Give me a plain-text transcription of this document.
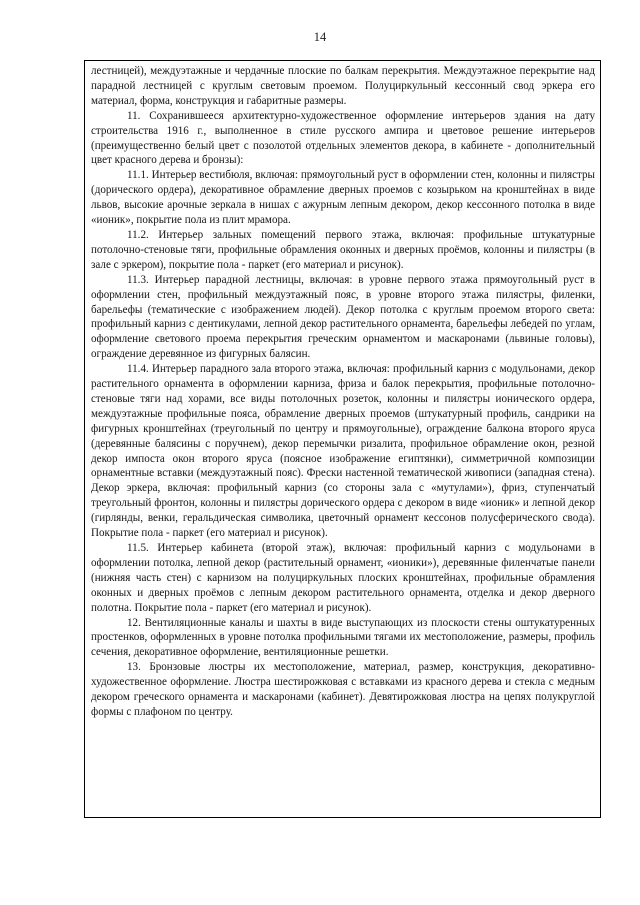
14

лестницей), междуэтажные и чердачные плоские по балкам перекрытия. Междуэтажное перекрытие над парадной лестницей с круглым световым проемом. Полуциркульный кессонный свод эркера его материал, форма, конструкция и габаритные размеры.

11. Сохранившееся архитектурно-художественное оформление интерьеров здания на дату строительства 1916 г., выполненное в стиле русского ампира и цветовое решение интерьеров (преимущественно белый цвет с позолотой отдельных элементов декора, в кабинете - дополнительный цвет красного дерева и бронзы):

11.1. Интерьер вестибюля, включая: прямоугольный руст в оформлении стен, колонны и пилястры (дорического ордера), декоративное обрамление дверных проемов с козырьком на кронштейнах в виде львов, высокие арочные зеркала в нишах с ажурным лепным декором, декор кессонного потолка в виде «ионик», покрытие пола из плит мрамора.

11.2. Интерьер зальных помещений первого этажа, включая: профильные штукатурные потолочно-стеновые тяги, профильные обрамления оконных и дверных проёмов, колонны и пилястры (в зале с эркером), покрытие пола - паркет (его материал и рисунок).

11.3. Интерьер парадной лестницы, включая: в уровне первого этажа прямоугольный руст в оформлении стен, профильный междуэтажный пояс, в уровне второго этажа пилястры, филенки, барельефы (тематические с изображением людей). Декор потолка с круглым проемом второго света: профильный карниз с дентикулами, лепной декор растительного орнамента, барельефы лебедей по углам, оформление светового проема перекрытия греческим орнаментом и маскаронами (львиные головы), ограждение деревянное из фигурных балясин.

11.4. Интерьер парадного зала второго этажа, включая: профильный карниз с модульонами, декор растительного орнамента в оформлении карниза, фриза и балок перекрытия, профильные потолочно-стеновые тяги над хорами, все виды потолочных розеток, колонны и пилястры ионического ордера, междуэтажные профильные пояса, обрамление дверных проемов (штукатурный профиль, сандрики на фигурных кронштейнах (треугольный по центру и прямоугольные), ограждение балкона второго яруса (деревянные балясины с поручнем), декор перемычки ризалита, профильное обрамление окон, резной декор импоста окон второго яруса (поясное изображение египтянки), симметричной композиции орнаментные вставки (междуэтажный пояс). Фрески настенной тематической живописи (западная стена). Декор эркера, включая: профильный карниз (со стороны зала с «мутулами»), фриз, ступенчатый треугольный фронтон, колонны и пилястры дорического ордера с декором в виде «ионик» и лепной декор (гирлянды, венки, геральдическая символика, цветочный орнамент кессонов полусферического свода). Покрытие пола - паркет (его материал и рисунок).

11.5. Интерьер кабинета (второй этаж), включая: профильный карниз с модульонами в оформлении потолка, лепной декор (растительный орнамент, «ионики»), деревянные филенчатые панели (нижняя часть стен) с карнизом на полуциркульных плоских кронштейнах, профильные обрамления оконных и дверных проёмов с лепным декором растительного орнамента, отделка и декор дверного полотна. Покрытие пола - паркет (его материал и рисунок).

12. Вентиляционные каналы и шахты в виде выступающих из плоскости стены оштукатуренных простенков, оформленных в уровне потолка профильными тягами их местоположение, размеры, профиль сечения, декоративное оформление, вентиляционные решетки.

13. Бронзовые люстры их местоположение, материал, размер, конструкция, декоративно-художественное оформление. Люстра шестирожковая с вставками из красного дерева и стекла с медным декором греческого орнамента и маскаронами (кабинет). Девятирожковая люстра на цепях полукруглой формы с плафоном по центру.
